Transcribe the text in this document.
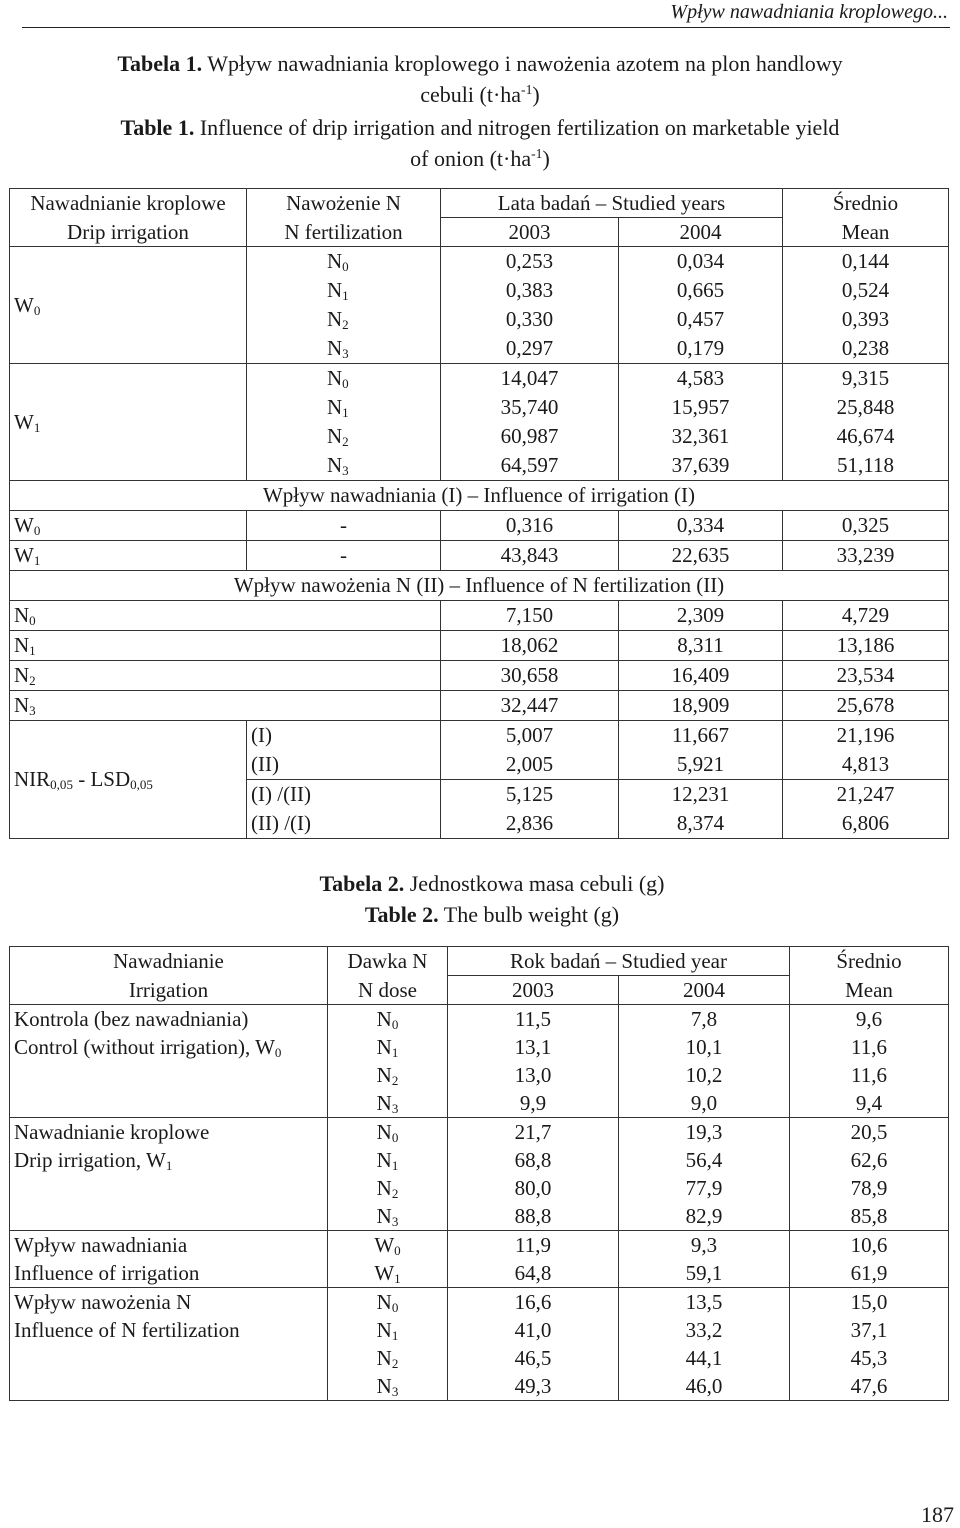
Wpływ nawadniania kroplowego...
Tabela 1. Wpływ nawadniania kroplowego i nawożenia azotem na plon handlowy
cebuli $(t\cdot ha^{-1})$
Table 1. Influence of drip irrigation and nitrogen fertilization on marketable yield
of onion $(t\cdot ha^{-1})$
Nawadnianie kroplowe	Nawożenie N	Lata badań – Studied years		Średnio
Drip irrigation	N fertilization	2003	2004	Mean
$W_0$	$N_0$	0,253	0,034	0,144
	$N_1$	0,383	0,665	0,524
	$N_2$	0,330	0,457	0,393
	$N_3$	0,297	0,179	0,238
$W_1$	$N_0$	14,047	4,583	9,315
	$N_1$	35,740	15,957	25,848
	$N_2$	60,987	32,361	46,674
	$N_3$	64,597	37,639	51,118
Wpływ nawadniania (I) – Influence of irrigation (I)				
$W_0$	-	0,316	0,334	0,325
$W_1$	-	43,843	22,635	33,239
Wpływ nawożenia N (II) – Influence of N fertilization (II)				
$N_0$		7,150	2,309	4,729
$N_1$		18,062	8,311	13,186
$N_2$		30,658	16,409	23,534
$N_3$		32,447	18,909	25,678
$NIR_{0,05} - LSD_{0,05}$	(I)	5,007	11,667	21,196
	(II)	2,005	5,921	4,813
	(I) /(II)	5,125	12,231	21,247
	(II) /(I)	2,836	8,374	6,806
Tabela 2. Jednostkowa masa cebuli (g)
Table 2. The bulb weight (g)
Nawadnianie	Dawka N	Rok badań – Studied year		Średnio
Irrigation	N dose	2003	2004	Mean
Kontrola (bez nawadniania)	$N_0$	11,5	7,8	9,6
Control (without irrigation), $W_0$	$N_1$	13,1	10,1	11,6
	$N_2$	13,0	10,2	11,6
	$N_3$	9,9	9,0	9,4
Nawadnianie kroplowe	$N_0$	21,7	19,3	20,5
Drip irrigation, $W_1$	$N_1$	68,8	56,4	62,6
	$N_2$	80,0	77,9	78,9
	$N_3$	88,8	82,9	85,8
Wpływ nawadniania	$W_0$	11,9	9,3	10,6
Influence of irrigation	$W_1$	64,8	59,1	61,9
Wpływ nawożenia N	$N_0$	16,6	13,5	15,0
Influence of N fertilization	$N_1$	41,0	33,2	37,1
	$N_2$	46,5	44,1	45,3
	$N_3$	49,3	46,0	47,6
187
